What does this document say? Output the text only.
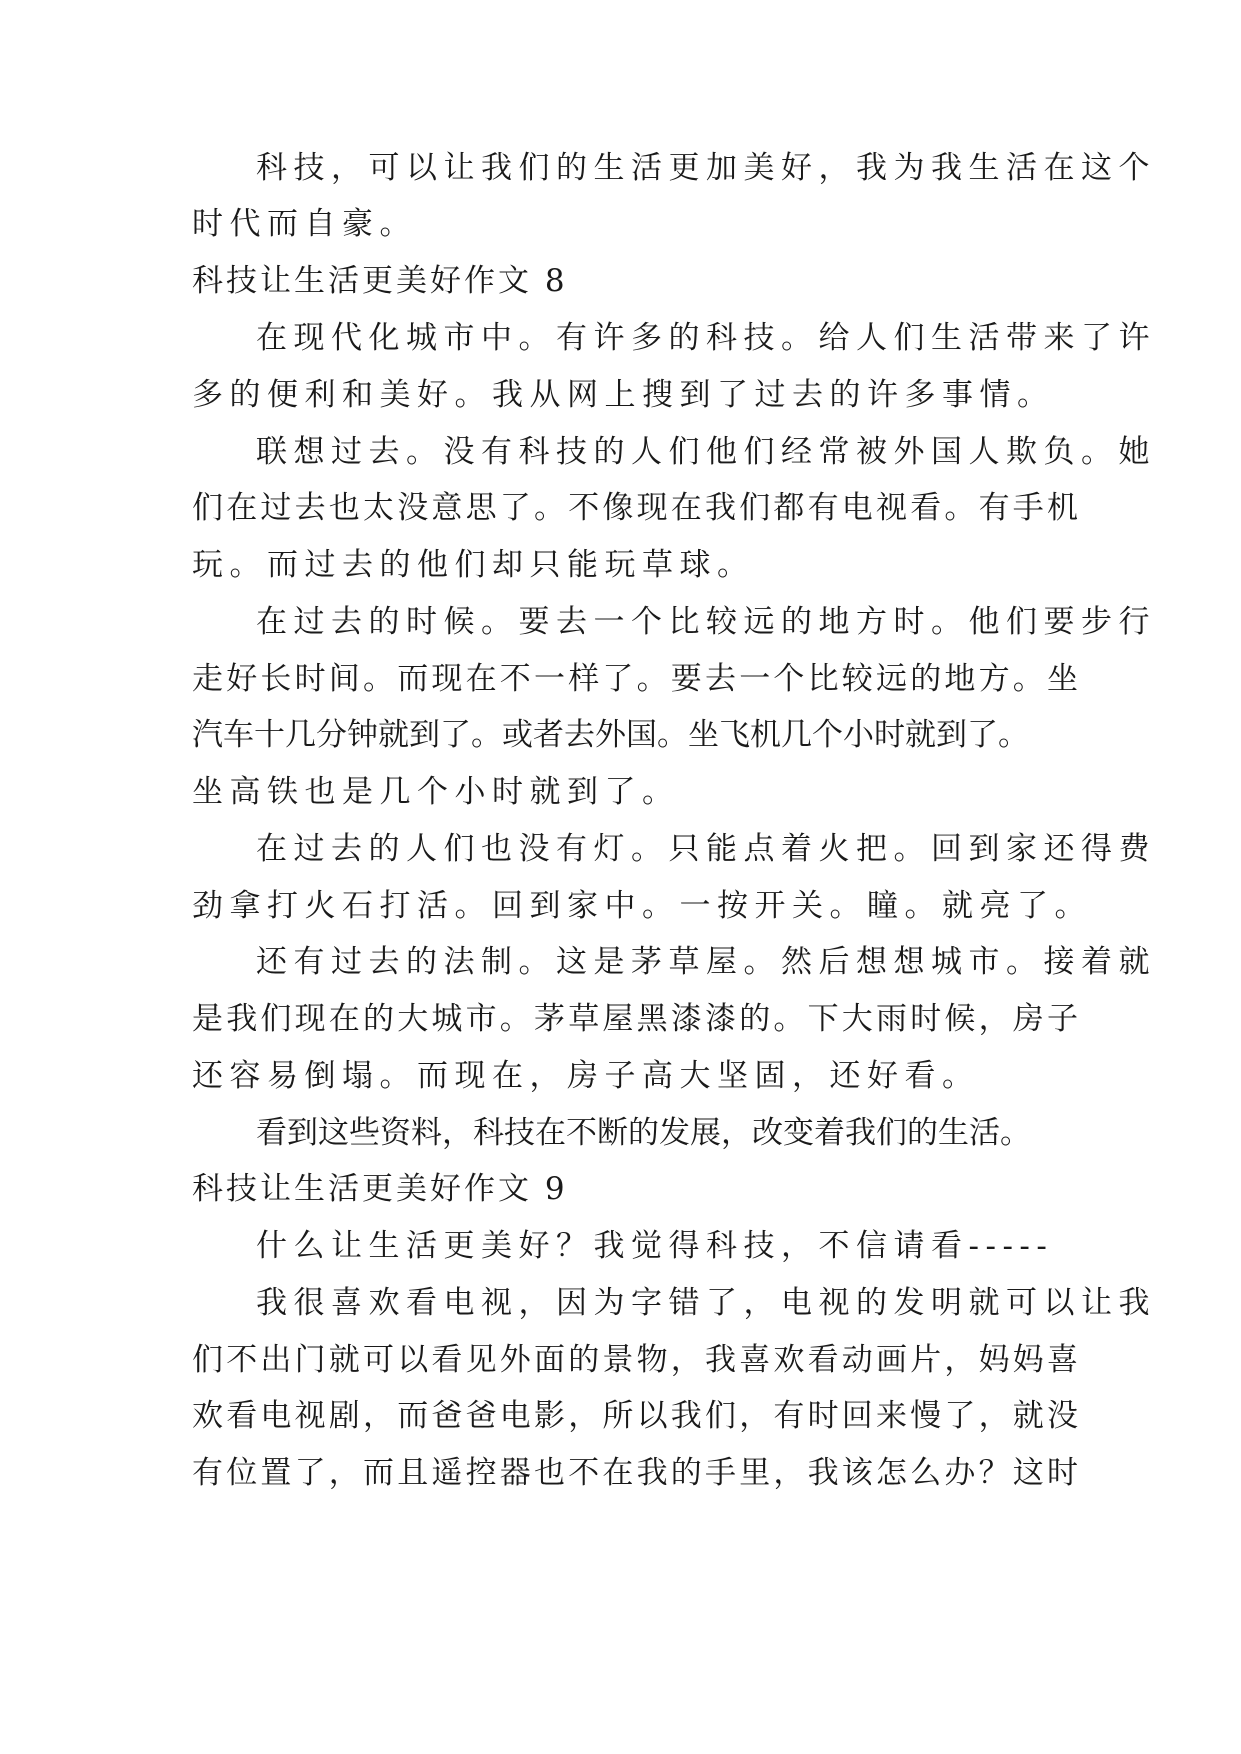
科技，可以让我们的生活更加美好，我为我生活在这个
时代而自豪。
科技让生活更美好作文 8
在现代化城市中。有许多的科技。给人们生活带来了许
多的便利和美好。我从网上搜到了过去的许多事情。
联想过去。没有科技的人们他们经常被外国人欺负。她
们在过去也太没意思了。不像现在我们都有电视看。有手机
玩。而过去的他们却只能玩草球。
在过去的时候。要去一个比较远的地方时。他们要步行
走好长时间。而现在不一样了。要去一个比较远的地方。坐
汽车十几分钟就到了。或者去外国。坐飞机几个小时就到了。
坐高铁也是几个小时就到了。
在过去的人们也没有灯。只能点着火把。回到家还得费
劲拿打火石打活。回到家中。一按开关。瞳。就亮了。
还有过去的法制。这是茅草屋。然后想想城市。接着就
是我们现在的大城市。茅草屋黑漆漆的。下大雨时候，房子
还容易倒塌。而现在，房子高大坚固，还好看。
看到这些资料，科技在不断的发展，改变着我们的生活。
科技让生活更美好作文 9
什么让生活更美好？我觉得科技，不信请看-----
我很喜欢看电视，因为字错了，电视的发明就可以让我
们不出门就可以看见外面的景物，我喜欢看动画片，妈妈喜
欢看电视剧，而爸爸电影，所以我们，有时回来慢了，就没
有位置了，而且遥控器也不在我的手里，我该怎么办？这时
